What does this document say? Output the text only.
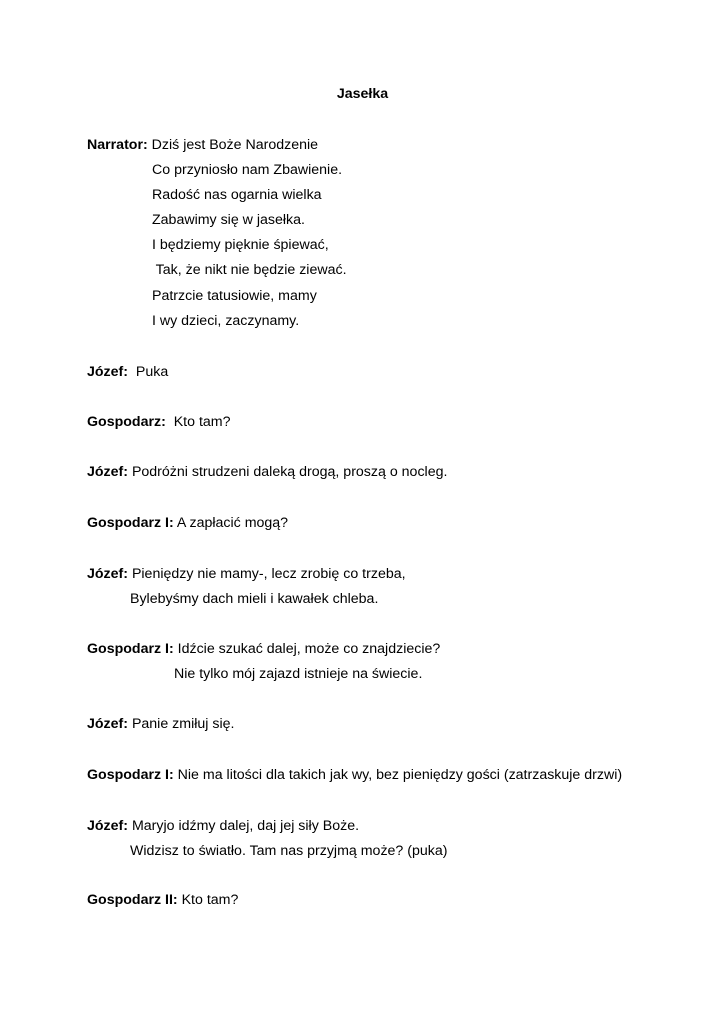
Jasełka
Narrator: Dziś jest Boże Narodzenie
Co przyniosło nam Zbawienie.
Radość nas ogarnia wielka
Zabawimy się w jasełka.
I będziemy pięknie śpiewać,
Tak, że nikt nie będzie ziewać.
Patrzcie tatusiowie, mamy
I wy dzieci, zaczynamy.
Józef:  Puka
Gospodarz:  Kto tam?
Józef: Podróżni strudzeni daleką drogą, proszą o nocleg.
Gospodarz I: A zapłacić mogą?
Józef: Pieniędzy nie mamy-, lecz zrobię co trzeba,
Bylebyśmy dach mieli i kawałek chleba.
Gospodarz I: Idźcie szukać dalej, może co znajdziecie?
Nie tylko mój zajazd istnieje na świecie.
Józef: Panie zmiłuj się.
Gospodarz I: Nie ma litości dla takich jak wy, bez pieniędzy gości (zatrzaskuje drzwi)
Józef: Maryjo idźmy dalej, daj jej siły Boże.
Widzisz to światło. Tam nas przyjmą może? (puka)
Gospodarz II: Kto tam?
